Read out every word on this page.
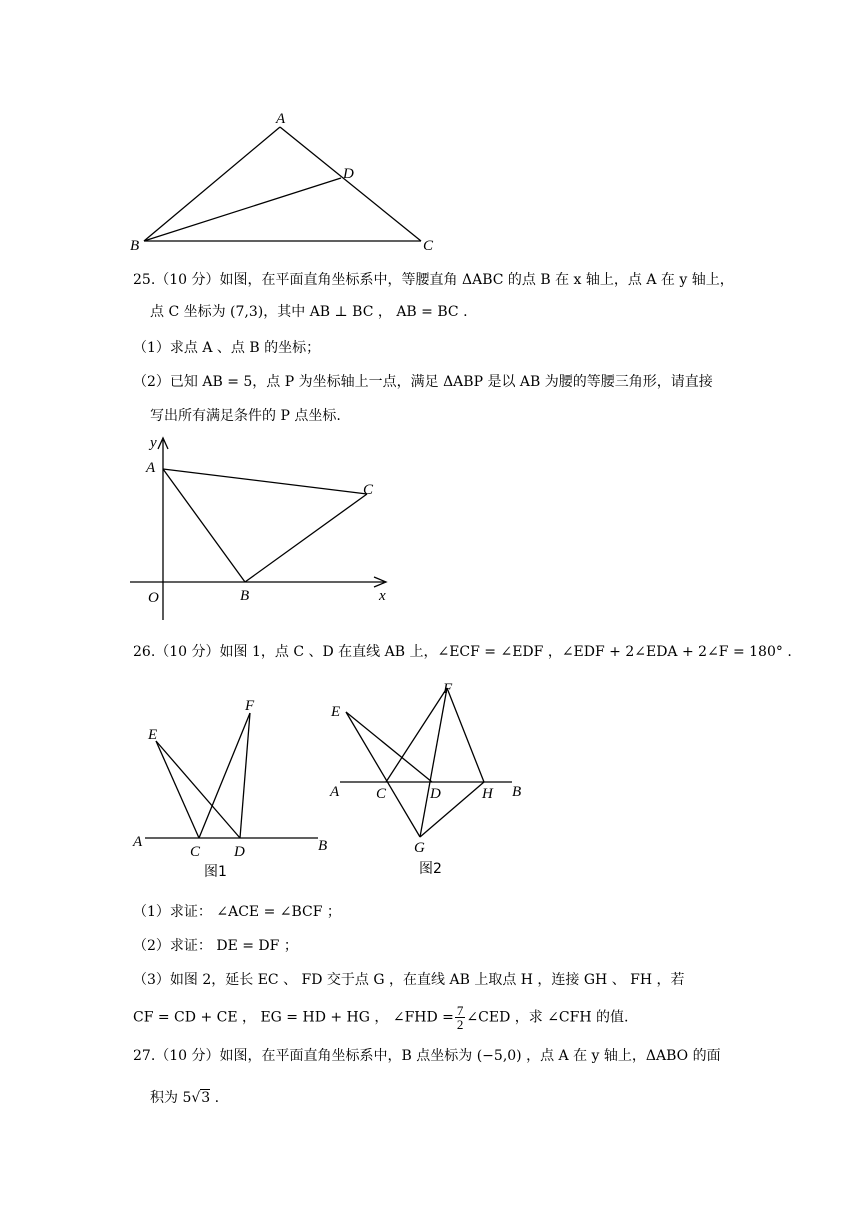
A
D
B	C
25.（10 分）如图，在平面直角坐标系中，等腰直角 ΔABC 的点 B 在 x 轴上，点 A 在 y 轴上，
点 C 坐标为 (7,3)，其中 AB ⊥ BC ， AB = BC .
（1）求点 A 、点 B 的坐标；
（2）已知 AB = 5，点 P 为坐标轴上一点，满足 ΔABP 是以 AB 为腰的等腰三角形，请直接
写出所有满足条件的 P 点坐标.
y
A
C
O	B	x
26.（10 分）如图 1，点 C 、D 在直线 AB 上，∠ECF = ∠EDF ，∠EDF + 2∠EDA + 2∠F = 180° .
E
F
A
C D	B
图1
E
F
A C	D	H B
G
图2
（1）求证： ∠ACE = ∠BCF ；
（2）求证： DE = DF ；
（3）如图 2，延长 EC 、 FD 交于点 G ，在直线 AB 上取点 H ，连接 GH 、 FH ，若
CF = CD + CE ， EG = HD + HG ， ∠FHD = $\frac{7}{2}$ ∠CED ，求 ∠CFH 的值.
27.（10 分）如图，在平面直角坐标系中，B 点坐标为 (−5,0) ，点 A 在 y 轴上，ΔABO 的面
积为 5√3 .
